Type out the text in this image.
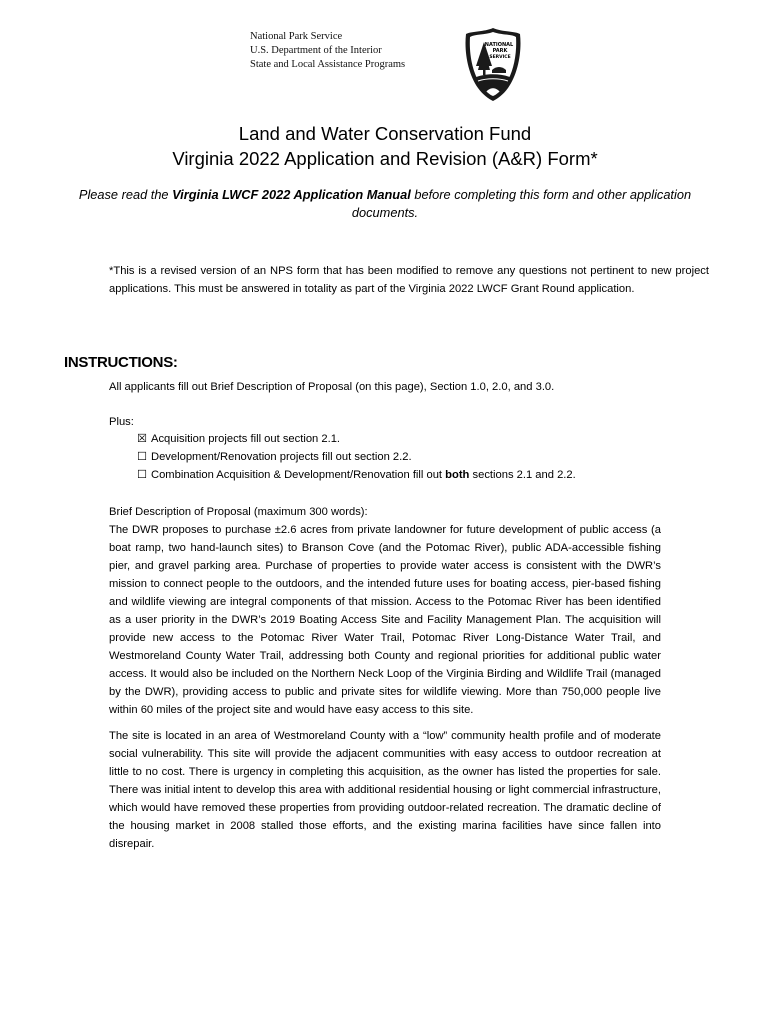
National Park Service
U.S. Department of the Interior
State and Local Assistance Programs
NATIONAL
PARK
SERVICE
Land and Water Conservation Fund
Virginia 2022 Application and Revision (A&R) Form*
Please read the Virginia LWCF 2022 Application Manual before completing this form and other application documents.
*This is a revised version of an NPS form that has been modified to remove any questions not pertinent to new project applications. This must be answered in totality as part of the Virginia 2022 LWCF Grant Round application.
INSTRUCTIONS:
All applicants fill out Brief Description of Proposal (on this page), Section 1.0, 2.0, and 3.0.
Plus:
☒ Acquisition projects fill out section 2.1.
☐ Development/Renovation projects fill out section 2.2.
☐ Combination Acquisition & Development/Renovation fill out both sections 2.1 and 2.2.

Brief Description of Proposal (maximum 300 words):

The DWR proposes to purchase ±2.6 acres from private landowner for future development of public access (a boat ramp, two hand-launch sites) to Branson Cove (and the Potomac River), public ADA-accessible fishing pier, and gravel parking area. Purchase of properties to provide water access is consistent with the DWR’s mission to connect people to the outdoors, and the intended future uses for boating access, pier-based fishing and wildlife viewing are integral components of that mission. Access to the Potomac River has been identified as a user priority in the DWR’s 2019 Boating Access Site and Facility Management Plan. The acquisition will provide new access to the Potomac River Water Trail, Potomac River Long-Distance Water Trail, and Westmoreland County Water Trail, addressing both County and regional priorities for additional public water access. It would also be included on the Northern Neck Loop of the Virginia Birding and Wildlife Trail (managed by the DWR), providing access to public and private sites for wildlife viewing. More than 750,000 people live within 60 miles of the project site and would have easy access to this site.

The site is located in an area of Westmoreland County with a “low” community health profile and of moderate social vulnerability. This site will provide the adjacent communities with easy access to outdoor recreation at little to no cost. There is urgency in completing this acquisition, as the owner has listed the properties for sale. There was initial intent to develop this area with additional residential housing or light commercial infrastructure, which would have removed these properties from providing outdoor-related recreation. The dramatic decline of the housing market in 2008 stalled those efforts, and the existing marina facilities have since fallen into disrepair.
